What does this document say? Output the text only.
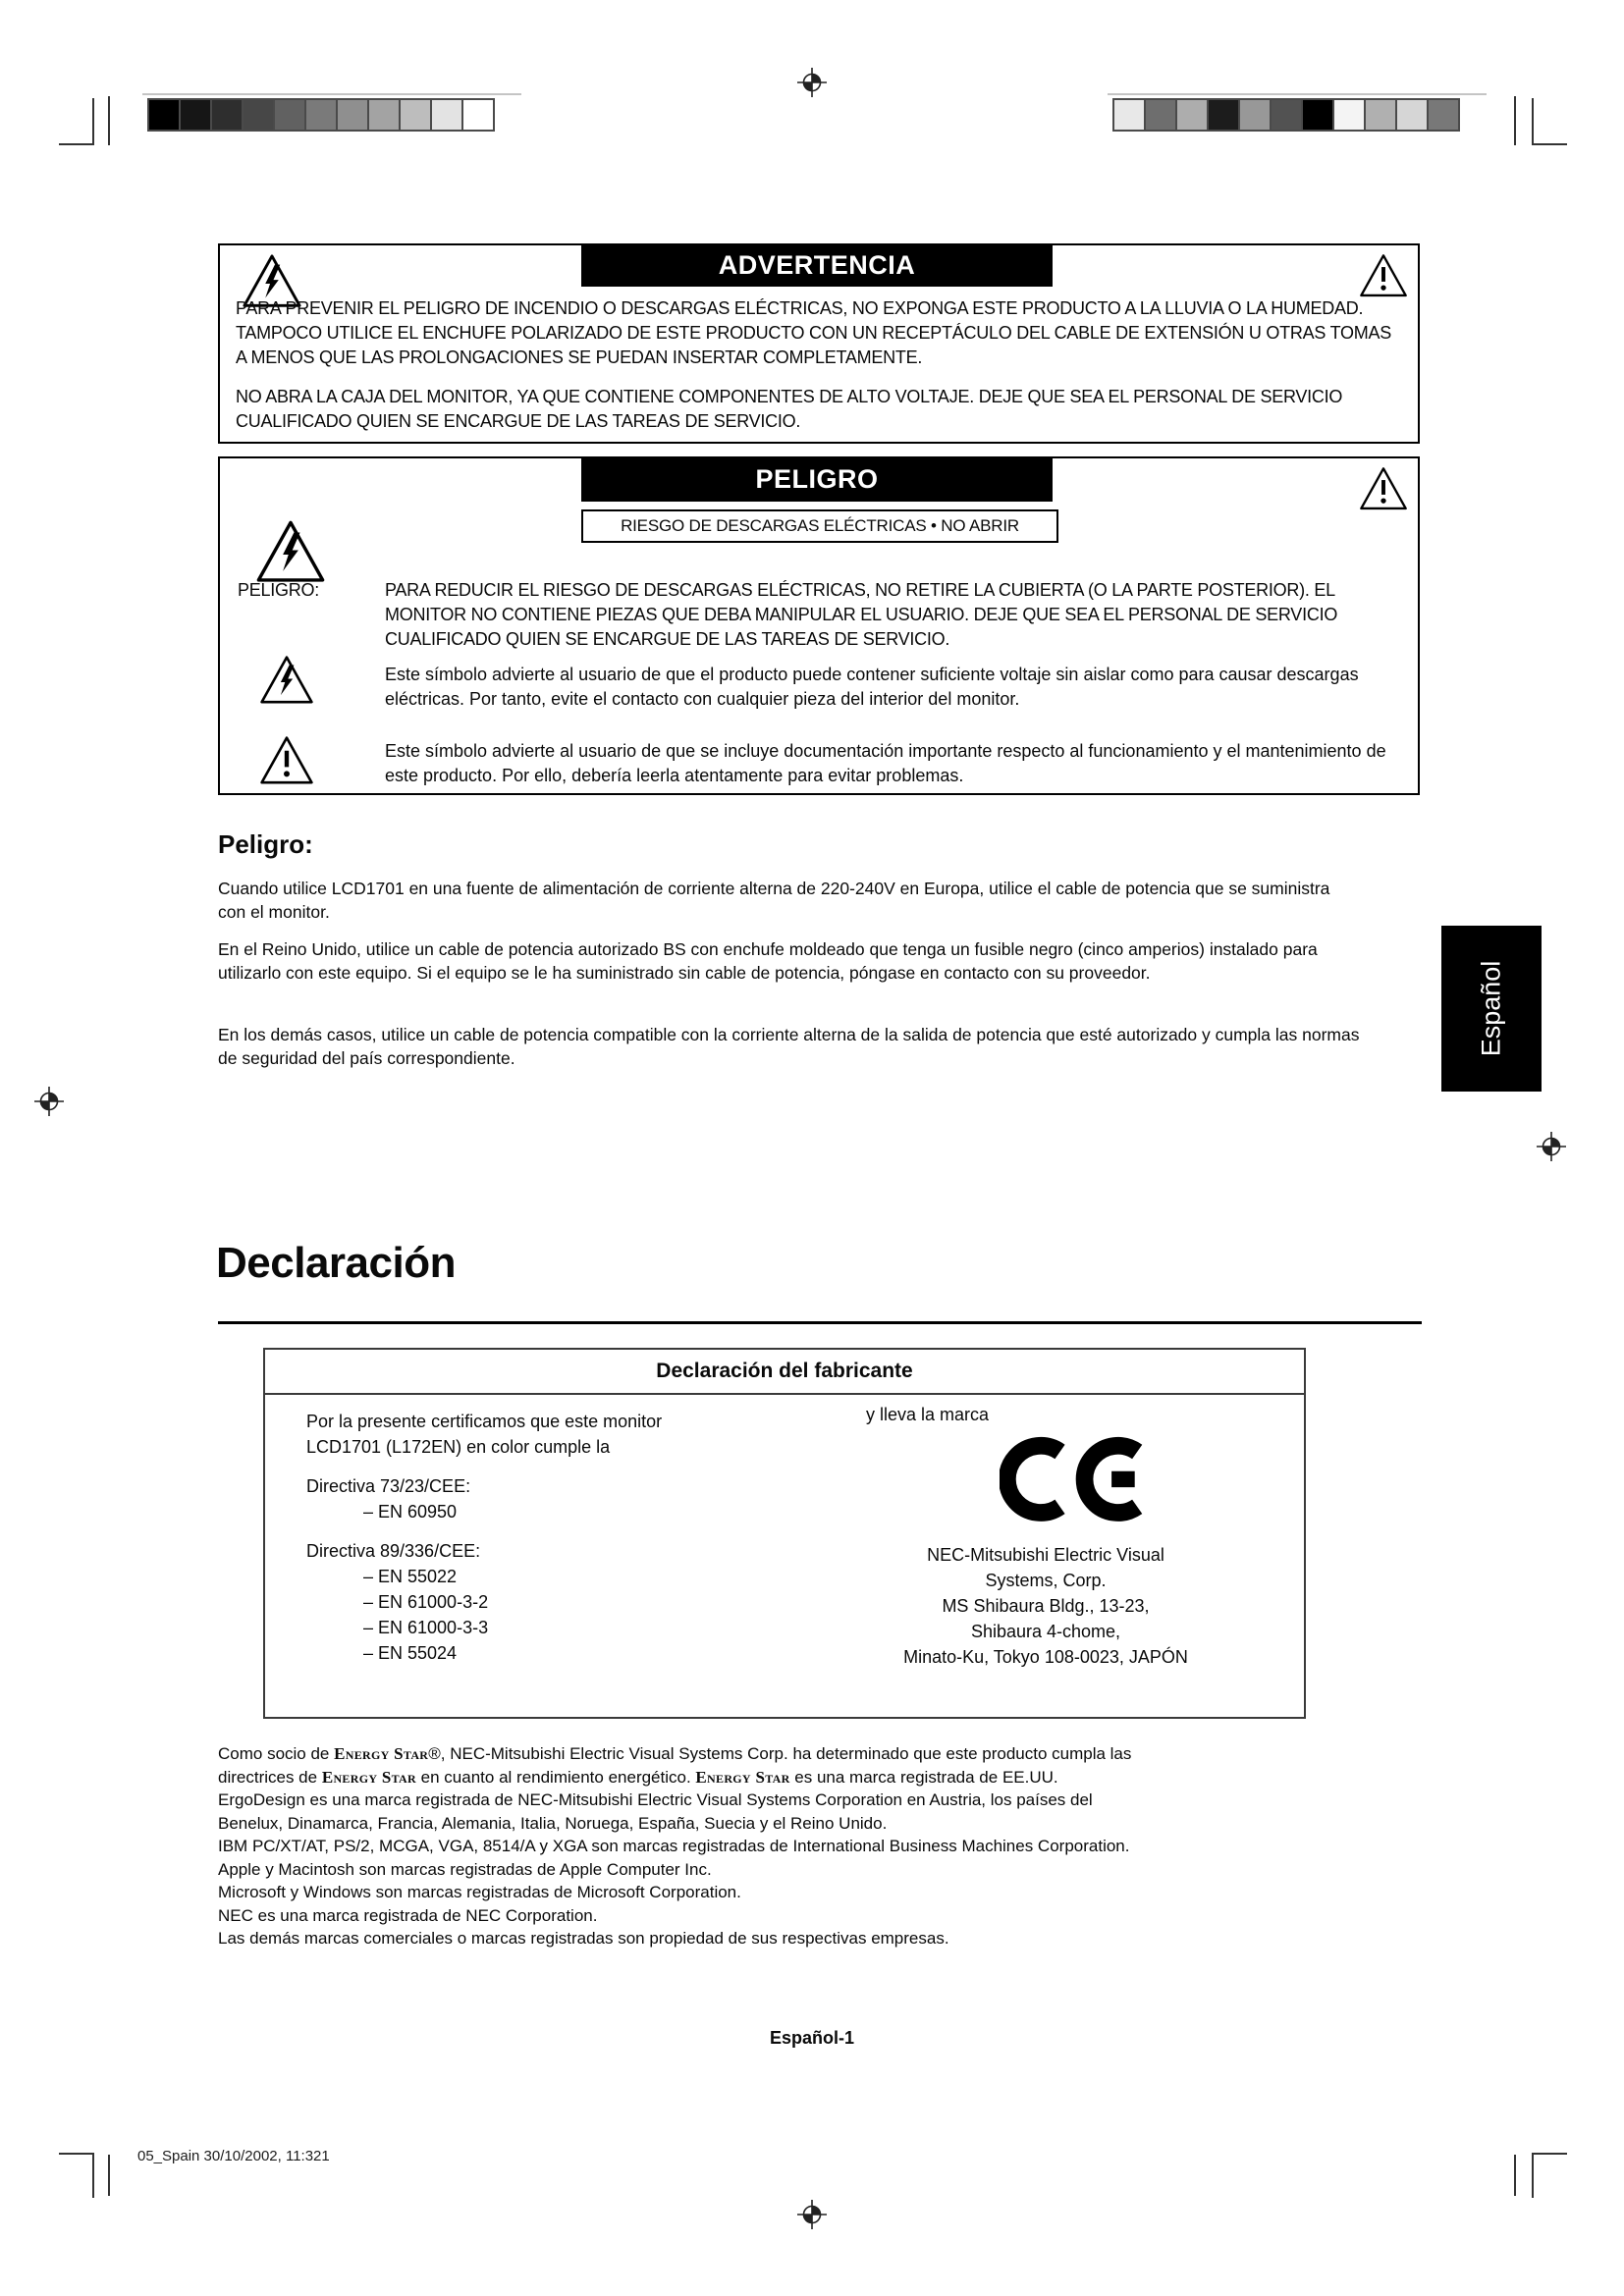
ADVERTENCIA

PARA PREVENIR EL PELIGRO DE INCENDIO O DESCARGAS ELÉCTRICAS, NO EXPONGA ESTE PRODUCTO A LA LLUVIA O LA HUMEDAD. TAMPOCO UTILICE EL ENCHUFE POLARIZADO DE ESTE PRODUCTO CON UN RECEPTÁCULO DEL CABLE DE EXTENSIÓN U OTRAS TOMAS A MENOS QUE LAS PROLONGACIONES SE PUEDAN INSERTAR COMPLETAMENTE.

NO ABRA LA CAJA DEL MONITOR, YA QUE CONTIENE COMPONENTES DE ALTO VOLTAJE. DEJE QUE SEA EL PERSONAL DE SERVICIO CUALIFICADO QUIEN SE ENCARGUE DE LAS TAREAS DE SERVICIO.

PELIGRO
RIESGO DE DESCARGAS ELÉCTRICAS • NO ABRIR
PELIGRO:	PARA REDUCIR EL RIESGO DE DESCARGAS ELÉCTRICAS, NO RETIRE LA CUBIERTA (O LA PARTE POSTERIOR). EL MONITOR NO CONTIENE PIEZAS QUE DEBA MANIPULAR EL USUARIO. DEJE QUE SEA EL PERSONAL DE SERVICIO CUALIFICADO QUIEN SE ENCARGUE DE LAS TAREAS DE SERVICIO.

Este símbolo advierte al usuario de que el producto puede contener suficiente voltaje sin aislar como para causar descargas eléctricas. Por tanto, evite el contacto con cualquier pieza del interior del monitor.

Este símbolo advierte al usuario de que se incluye documentación importante respecto al funcionamiento y el mantenimiento de este producto. Por ello, debería leerla atentamente para evitar problemas.

Peligro:

Cuando utilice LCD1701 en una fuente de alimentación de corriente alterna de 220-240V en Europa, utilice el cable de potencia que se suministra con el monitor.

En el Reino Unido, utilice un cable de potencia autorizado BS con enchufe moldeado que tenga un fusible negro (cinco amperios) instalado para utilizarlo con este equipo. Si el equipo se le ha suministrado sin cable de potencia, póngase en contacto con su proveedor.

En los demás casos, utilice un cable de potencia compatible con la corriente alterna de la salida de potencia que esté autorizado y cumpla las normas de seguridad del país correspondiente.

Español
Declaración
Declaración del fabricante
Por la presente certificamos que este monitor
LCD1701 (L172EN) en color cumple la
Directiva 73/23/CEE:
– EN 60950
Directiva 89/336/CEE:
– EN 55022
– EN 61000-3-2
– EN 61000-3-3
– EN 55024
y lleva la marca
NEC-Mitsubishi Electric Visual
Systems, Corp.
MS Shibaura Bldg., 13-23,
Shibaura 4-chome,
Minato-Ku, Tokyo 108-0023, JAPÓN
Como socio de Energy Star®, NEC-Mitsubishi Electric Visual Systems Corp. ha determinado que este producto cumpla las
directrices de Energy Star en cuanto al rendimiento energético. Energy Star es una marca registrada de EE.UU.
ErgoDesign es una marca registrada de NEC-Mitsubishi Electric Visual Systems Corporation en Austria, los países del
Benelux, Dinamarca, Francia, Alemania, Italia, Noruega, España, Suecia y el Reino Unido.
IBM PC/XT/AT, PS/2, MCGA, VGA, 8514/A y XGA son marcas registradas de International Business Machines Corporation.
Apple y Macintosh son marcas registradas de Apple Computer Inc.
Microsoft y Windows son marcas registradas de Microsoft Corporation.
NEC es una marca registrada de NEC Corporation.
Las demás marcas comerciales o marcas registradas son propiedad de sus respectivas empresas.
Español-1
05_Spain 30/10/2002, 11:321
